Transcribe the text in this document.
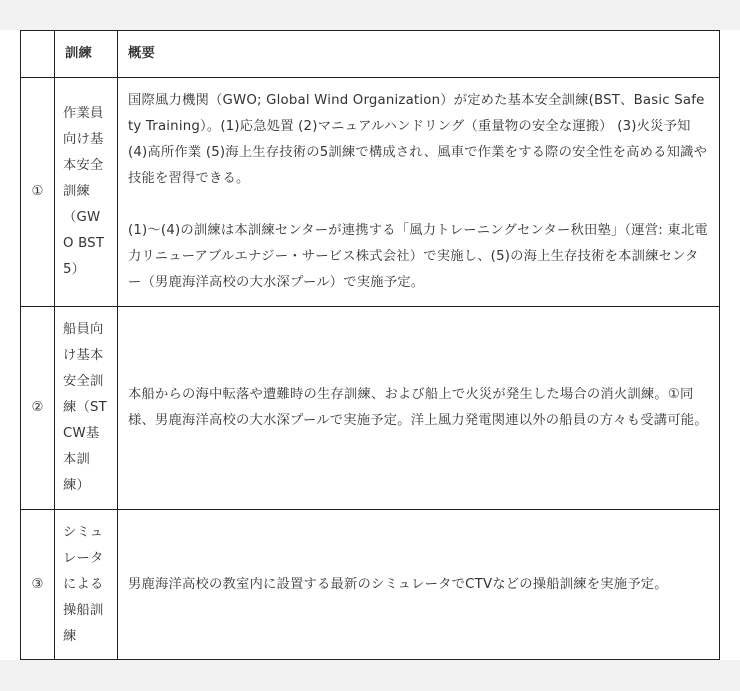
	訓練	概要
①	作業員向け基本安全訓練（GWO BST5）	国際風力機関（GWO; Global Wind Organization）が定めた基本安全訓練(BST、Basic Safety Training）。(1)応急処置 (2)マニュアルハンドリング（重量物の安全な運搬） (3)火災予知 (4)高所作業 (5)海上生存技術の5訓練で構成され、風車で作業をする際の安全性を高める知識や技能を習得できる。
(1)～(4)の訓練は本訓練センターが連携する「風力トレーニングセンター秋田塾」（運営: 東北電力リニューアブルエナジー・サービス株式会社）で実施し、(5)の海上生存技術を本訓練センター（男鹿海洋高校の大水深プール）で実施予定。

②	船員向け基本安全訓練（STCW基本訓練）	本船からの海中転落や遭難時の生存訓練、および船上で火災が発生した場合の消火訓練。①同様、男鹿海洋高校の大水深プールで実施予定。洋上風力発電関連以外の船員の方々も受講可能。

③	シミュレータによる操船訓練	男鹿海洋高校の教室内に設置する最新のシミュレータでCTVなどの操船訓練を実施予定。
